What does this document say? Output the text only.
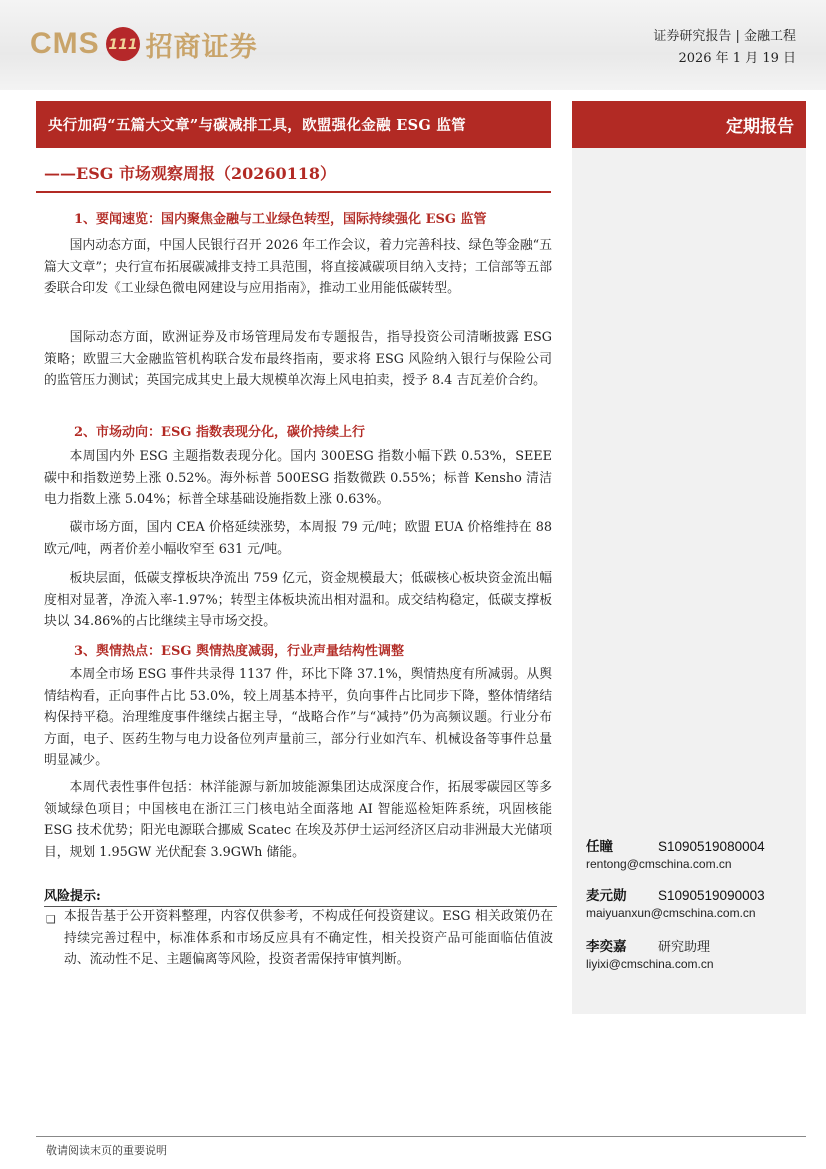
CMS 111 招商证券	证券研究报告 | 金融工程
2026 年 1 月 19 日
央行加码“五篇大文章”与碳减排工具，欧盟强化金融 ESG 监管	定期报告
——ESG 市场观察周报（20260118）
1、要闻速览：国内聚焦金融与工业绿色转型，国际持续强化 ESG 监管
国内动态方面，中国人民银行召开 2026 年工作会议，着力完善科技、绿色等金融“五篇大文章”；央行宣布拓展碳减排支持工具范围，将直接减碳项目纳入支持；工信部等五部委联合印发《工业绿色微电网建设与应用指南》，推动工业用能低碳转型。
国际动态方面，欧洲证券及市场管理局发布专题报告，指导投资公司清晰披露 ESG 策略；欧盟三大金融监管机构联合发布最终指南，要求将 ESG 风险纳入银行与保险公司的监管压力测试；英国完成其史上最大规模单次海上风电拍卖，授予 8.4 吉瓦差价合约。
2、市场动向：ESG 指数表现分化，碳价持续上行
本周国内外 ESG 主题指数表现分化。国内 300ESG 指数小幅下跌 0.53%，SEEE 碳中和指数逆势上涨 0.52%。海外标普 500ESG 指数微跌 0.55%；标普 Kensho 清洁电力指数上涨 5.04%；标普全球基础设施指数上涨 0.63%。
碳市场方面，国内 CEA 价格延续涨势，本周报 79 元/吨；欧盟 EUA 价格维持在 88 欧元/吨，两者价差小幅收窄至 631 元/吨。
板块层面，低碳支撑板块净流出 759 亿元，资金规模最大；低碳核心板块资金流出幅度相对显著，净流入率-1.97%；转型主体板块流出相对温和。成交结构稳定，低碳支撑板块以 34.86%的占比继续主导市场交投。
3、舆情热点：ESG 舆情热度减弱，行业声量结构性调整
本周全市场 ESG 事件共录得 1137 件，环比下降 37.1%，舆情热度有所减弱。从舆情结构看，正向事件占比 53.0%，较上周基本持平，负向事件占比同步下降，整体情绪结构保持平稳。治理维度事件继续占据主导，“战略合作”与“减持”仍为高频议题。行业分布方面，电子、医药生物与电力设备位列声量前三，部分行业如汽车、机械设备等事件总量明显减少。
本周代表性事件包括：林洋能源与新加坡能源集团达成深度合作，拓展零碳园区等多领域绿色项目；中国核电在浙江三门核电站全面落地 AI 智能巡检矩阵系统，巩固核能 ESG 技术优势；阳光电源联合挪威 Scatec 在埃及苏伊士运河经济区启动非洲最大光储项目，规划 1.95GW 光伏配套 3.9GWh 储能。
风险提示:
❑ 本报告基于公开资料整理，内容仅供参考，不构成任何投资建议。ESG 相关政策仍在持续完善过程中，标准体系和市场反应具有不确定性，相关投资产品可能面临估值波动、流动性不足、主题偏离等风险，投资者需保持审慎判断。
任瞳	S1090519080004
rentong@cmschina.com.cn
麦元勋	S1090519090003
maiyuanxun@cmschina.com.cn
李奕嘉	研究助理
liyixi@cmschina.com.cn
敬请阅读末页的重要说明
